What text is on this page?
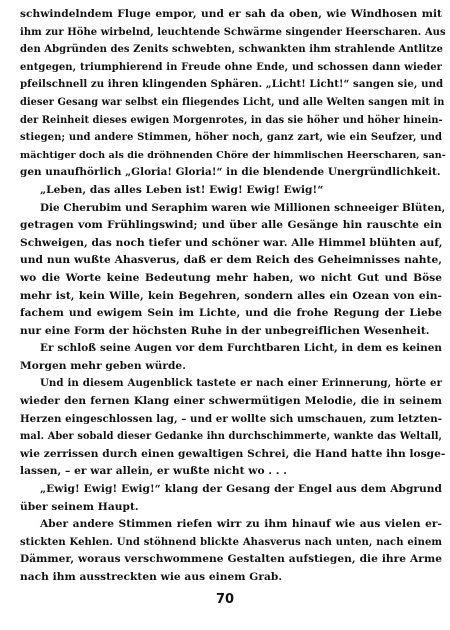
schwindelndem Fluge empor, und er sah da oben, wie Windhosen mit
ihm zur Höhe wirbelnd, leuchtende Schwärme singender Heerscharen. Aus
den Abgründen des Zenits schwebten, schwankten ihm strahlende Antlitze
entgegen, triumphierend in Freude ohne Ende, und schossen dann wieder
pfeilschnell zu ihren klingenden Sphären. „Licht! Licht!“ sangen sie, und
dieser Gesang war selbst ein fliegendes Licht, und alle Welten sangen mit in
der Reinheit dieses ewigen Morgenrotes, in das sie höher und höher hinein-
stiegen; und andere Stimmen, höher noch, ganz zart, wie ein Seufzer, und
mächtiger doch als die dröhnenden Chöre der himmlischen Heerscharen, san-
gen unaufhörlich „Gloria! Gloria!“ in die blendende Unergründlichkeit.
„Leben, das alles Leben ist! Ewig! Ewig! Ewig!“
Die Cherubim und Seraphim waren wie Millionen schneeiger Blüten,
getragen vom Frühlingswind; und über alle Gesänge hin rauschte ein
Schweigen, das noch tiefer und schöner war. Alle Himmel blühten auf,
und nun wußte Ahasverus, daß er dem Reich des Geheimnisses nahte,
wo die Worte keine Bedeutung mehr haben, wo nicht Gut und Böse
mehr ist, kein Wille, kein Begehren, sondern alles ein Ozean von ein-
fachem und ewigem Sein im Lichte, und die frohe Regung der Liebe
nur eine Form der höchsten Ruhe in der unbegreiflichen Wesenheit.
Er schloß seine Augen vor dem Furchtbaren Licht, in dem es keinen
Morgen mehr geben würde.
Und in diesem Augenblick tastete er nach einer Erinnerung, hörte er
wieder den fernen Klang einer schwermütigen Melodie, die in seinem
Herzen eingeschlossen lag, – und er wollte sich umschauen, zum letzten-
mal. Aber sobald dieser Gedanke ihn durchschimmerte, wankte das Weltall,
wie zerrissen durch einen gewaltigen Schrei, die Hand hatte ihn losge-
lassen, – er war allein, er wußte nicht wo . . .
„Ewig! Ewig! Ewig!“ klang der Gesang der Engel aus dem Abgrund
über seinem Haupt.
Aber andere Stimmen riefen wirr zu ihm hinauf wie aus vielen er-
stickten Kehlen. Und stöhnend blickte Ahasverus nach unten, nach einem
Dämmer, woraus verschwommene Gestalten aufstiegen, die ihre Arme
nach ihm ausstreckten wie aus einem Grab.
70
